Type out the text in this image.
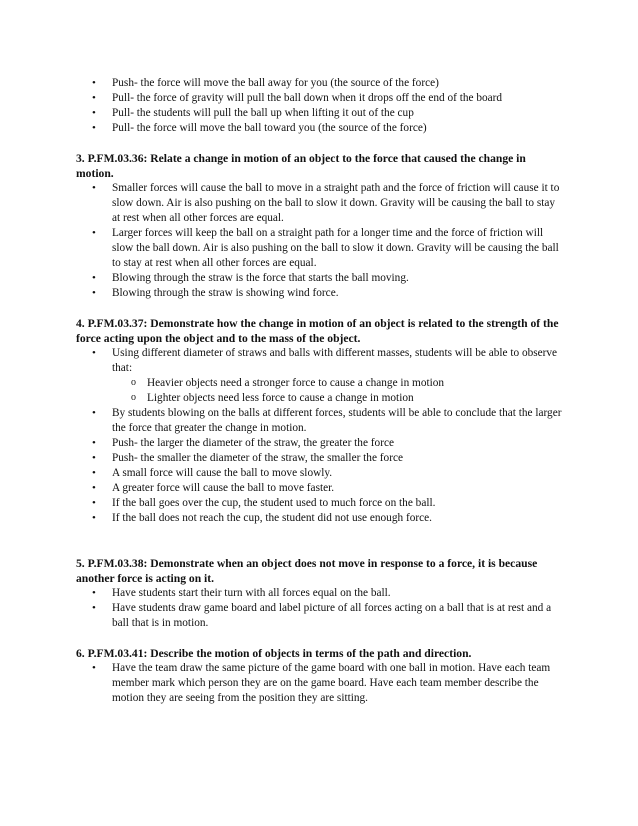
• Push- the force will move the ball away for you (the source of the force)
• Pull- the force of gravity will pull the ball down when it drops off the end of the board
• Pull- the students will pull the ball up when lifting it out of the cup
• Pull- the force will move the ball toward you (the source of the force)

3. P.FM.03.36: Relate a change in motion of an object to the force that caused the change in motion.

• Smaller forces will cause the ball to move in a straight path and the force of friction will cause it to slow down. Air is also pushing on the ball to slow it down. Gravity will be causing the ball to stay at rest when all other forces are equal.
• Larger forces will keep the ball on a straight path for a longer time and the force of friction will slow the ball down. Air is also pushing on the ball to slow it down. Gravity will be causing the ball to stay at rest when all other forces are equal.
• Blowing through the straw is the force that starts the ball moving.
• Blowing through the straw is showing wind force.

4. P.FM.03.37: Demonstrate how the change in motion of an object is related to the strength of the force acting upon the object and to the mass of the object.

• Using different diameter of straws and balls with different masses, students will be able to observe that:
o Heavier objects need a stronger force to cause a change in motion
o Lighter objects need less force to cause a change in motion
• By students blowing on the balls at different forces, students will be able to conclude that the larger the force that greater the change in motion.
• Push- the larger the diameter of the straw, the greater the force
• Push- the smaller the diameter of the straw, the smaller the force
• A small force will cause the ball to move slowly.
• A greater force will cause the ball to move faster.
• If the ball goes over the cup, the student used to much force on the ball.
• If the ball does not reach the cup, the student did not use enough force.

5. P.FM.03.38: Demonstrate when an object does not move in response to a force, it is because another force is acting on it.

• Have students start their turn with all forces equal on the ball.
• Have students draw game board and label picture of all forces acting on a ball that is at rest and a ball that is in motion.

6. P.FM.03.41: Describe the motion of objects in terms of the path and direction.

• Have the team draw the same picture of the game board with one ball in motion. Have each team member mark which person they are on the game board. Have each team member describe the motion they are seeing from the position they are sitting.
